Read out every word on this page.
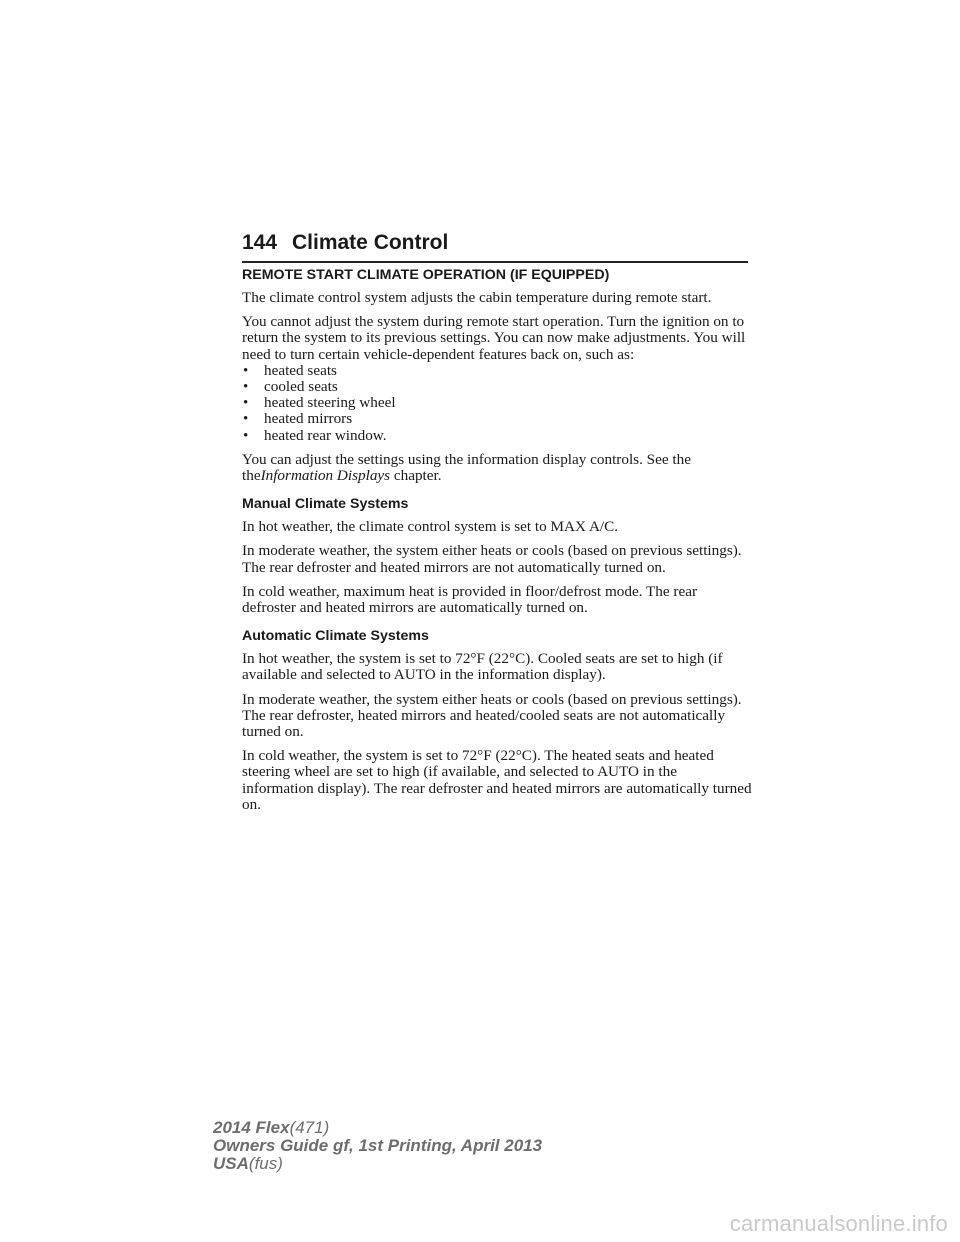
144 Climate Control
REMOTE START CLIMATE OPERATION (IF EQUIPPED)

The climate control system adjusts the cabin temperature during remote start.

You cannot adjust the system during remote start operation. Turn the ignition on to return the system to its previous settings. You can now make adjustments. You will need to turn certain vehicle-dependent features back on, such as:

• heated seats
• cooled seats
• heated steering wheel
• heated mirrors
• heated rear window.

You can adjust the settings using the information display controls. See the
theInformation Displays chapter.

Manual Climate Systems

In hot weather, the climate control system is set to MAX A/C.

In moderate weather, the system either heats or cools (based on previous settings). The rear defroster and heated mirrors are not automatically turned on.

In cold weather, maximum heat is provided in floor/defrost mode. The rear defroster and heated mirrors are automatically turned on.

Automatic Climate Systems

In hot weather, the system is set to 72°F (22°C). Cooled seats are set to high (if available and selected to AUTO in the information display).

In moderate weather, the system either heats or cools (based on previous settings). The rear defroster, heated mirrors and heated/cooled seats are not automatically turned on.

In cold weather, the system is set to 72°F (22°C). The heated seats and heated steering wheel are set to high (if available, and selected to AUTO in the information display). The rear defroster and heated mirrors are automatically turned on.

2014 Flex(471)
Owners Guide gf, 1st Printing, April 2013
USA(fus)
carmanualsonline.info
